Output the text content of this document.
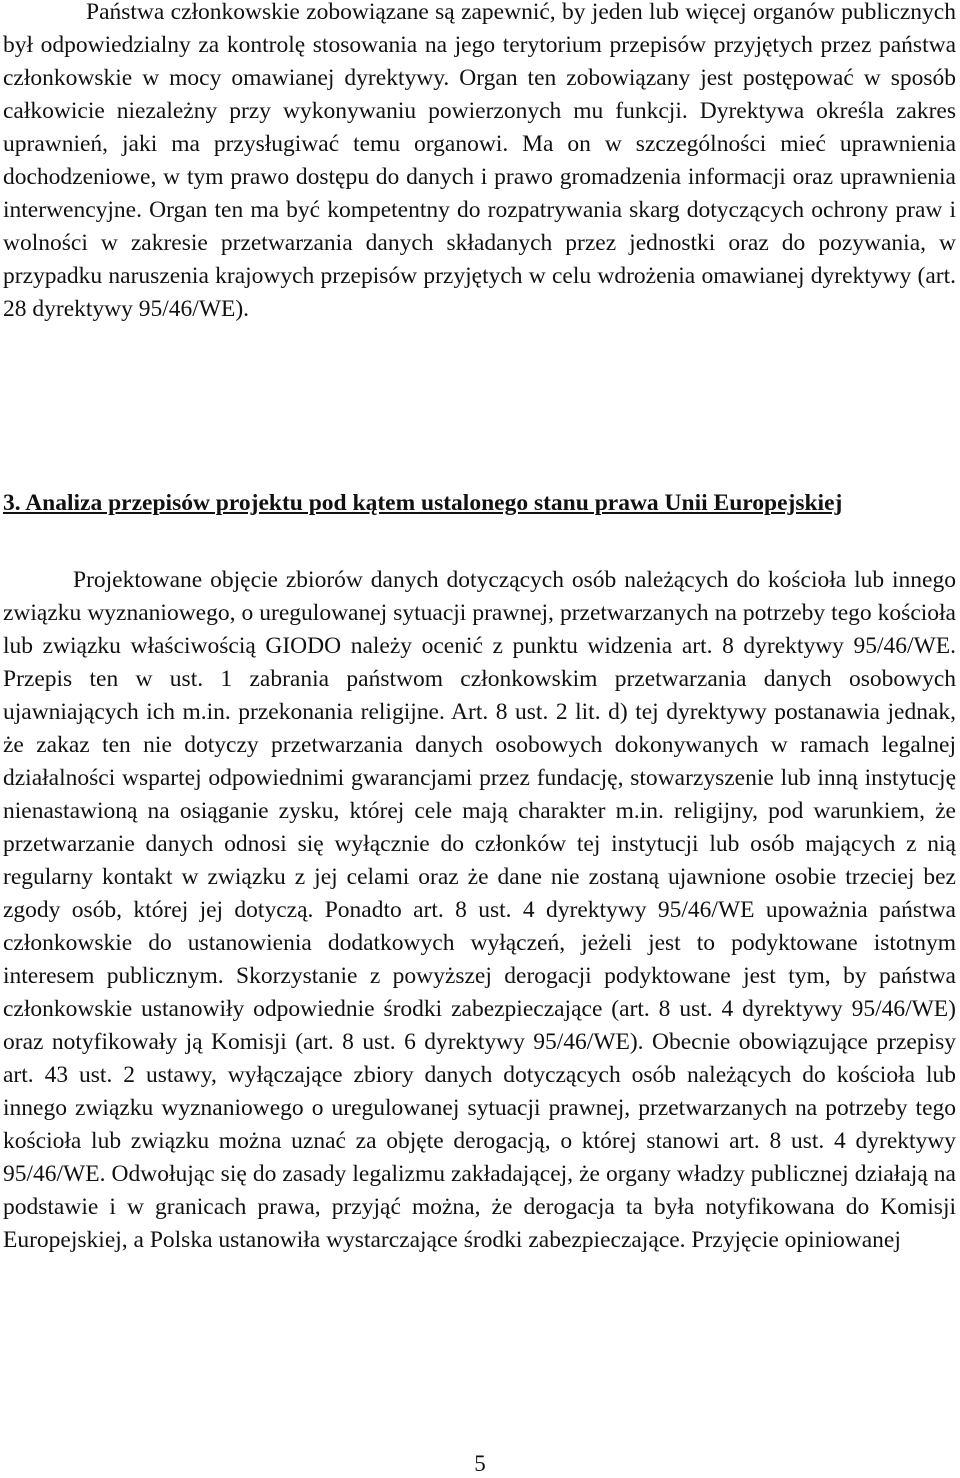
Państwa członkowskie zobowiązane są zapewnić, by jeden lub więcej organów publicznych był odpowiedzialny za kontrolę stosowania na jego terytorium przepisów przyjętych przez państwa członkowskie w mocy omawianej dyrektywy. Organ ten zobowiązany jest postępować w sposób całkowicie niezależny przy wykonywaniu powierzonych mu funkcji. Dyrektywa określa zakres uprawnień, jaki ma przysługiwać temu organowi. Ma on w szczególności mieć uprawnienia dochodzeniowe, w tym prawo dostępu do danych i prawo gromadzenia informacji oraz uprawnienia interwencyjne. Organ ten ma być kompetentny do rozpatrywania skarg dotyczących ochrony praw i wolności w zakresie przetwarzania danych składanych przez jednostki oraz do pozywania, w przypadku naruszenia krajowych przepisów przyjętych w celu wdrożenia omawianej dyrektywy (art. 28 dyrektywy 95/46/WE).

3. Analiza przepisów projektu pod kątem ustalonego stanu prawa Unii Europejskiej

Projektowane objęcie zbiorów danych dotyczących osób należących do kościoła lub innego związku wyznaniowego, o uregulowanej sytuacji prawnej, przetwarzanych na potrzeby tego kościoła lub związku właściwością GIODO należy ocenić z punktu widzenia art. 8 dyrektywy 95/46/WE. Przepis ten w ust. 1 zabrania państwom członkowskim przetwarzania danych osobowych ujawniających ich m.in. przekonania religijne. Art. 8 ust. 2 lit. d) tej dyrektywy postanawia jednak, że zakaz ten nie dotyczy przetwarzania danych osobowych dokonywanych w ramach legalnej działalności wspartej odpowiednimi gwarancjami przez fundację, stowarzyszenie lub inną instytucję nienastawioną na osiąganie zysku, której cele mają charakter m.in. religijny, pod warunkiem, że przetwarzanie danych odnosi się wyłącznie do członków tej instytucji lub osób mających z nią regularny kontakt w związku z jej celami oraz że dane nie zostaną ujawnione osobie trzeciej bez zgody osób, której jej dotyczą. Ponadto art. 8 ust. 4 dyrektywy 95/46/WE upoważnia państwa członkowskie do ustanowienia dodatkowych wyłączeń, jeżeli jest to podyktowane istotnym interesem publicznym. Skorzystanie z powyższej derogacji podyktowane jest tym, by państwa członkowskie ustanowiły odpowiednie środki zabezpieczające (art. 8 ust. 4 dyrektywy 95/46/WE) oraz notyfikowały ją Komisji (art. 8 ust. 6 dyrektywy 95/46/WE). Obecnie obowiązujące przepisy art. 43 ust. 2 ustawy, wyłączające zbiory danych dotyczących osób należących do kościoła lub innego związku wyznaniowego o uregulowanej sytuacji prawnej, przetwarzanych na potrzeby tego kościoła lub związku można uznać za objęte derogacją, o której stanowi art. 8 ust. 4 dyrektywy 95/46/WE. Odwołując się do zasady legalizmu zakładającej, że organy władzy publicznej działają na podstawie i w granicach prawa, przyjąć można, że derogacja ta była notyfikowana do Komisji Europejskiej, a Polska ustanowiła wystarczające środki zabezpieczające. Przyjęcie opiniowanej

5
